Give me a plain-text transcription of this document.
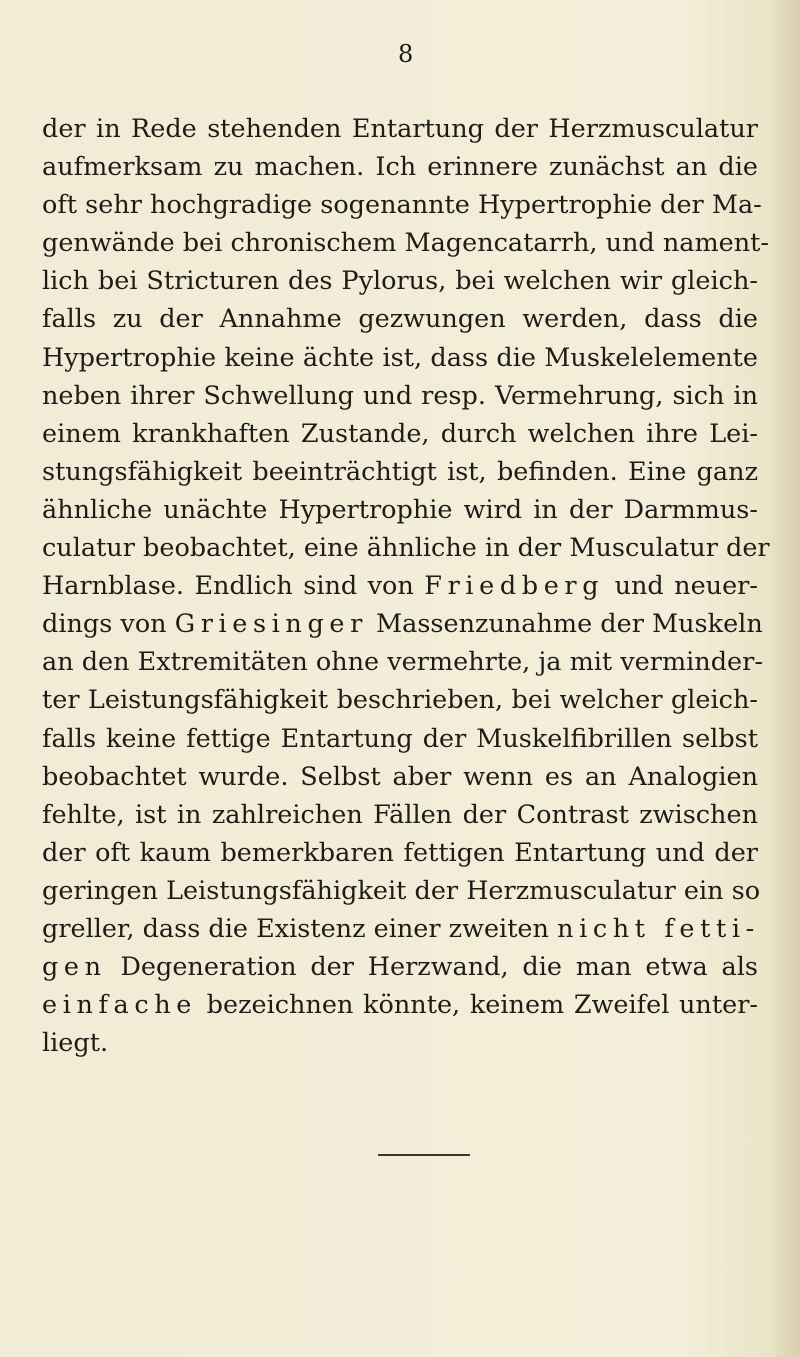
8
der in Rede stehenden Entartung der Herzmusculatur
aufmerksam zu machen. Ich erinnere zunächst an die
oft sehr hochgradige sogenannte Hypertrophie der Ma-
genwände bei chronischem Magencatarrh, und nament-
lich bei Stricturen des Pylorus, bei welchen wir gleich-
falls zu der Annahme gezwungen werden, dass die
Hypertrophie keine ächte ist, dass die Muskelelemente
neben ihrer Schwellung und resp. Vermehrung, sich in
einem krankhaften Zustande, durch welchen ihre Lei-
stungsfähigkeit beeinträchtigt ist, befinden. Eine ganz
ähnliche unächte Hypertrophie wird in der Darmmus-
culatur beobachtet, eine ähnliche in der Musculatur der
Harnblase. Endlich sind von Friedberg und neuer-
dings von Griesinger Massenzunahme der Muskeln
an den Extremitäten ohne vermehrte, ja mit verminder-
ter Leistungsfähigkeit beschrieben, bei welcher gleich-
falls keine fettige Entartung der Muskelfibrillen selbst
beobachtet wurde. Selbst aber wenn es an Analogien
fehlte, ist in zahlreichen Fällen der Contrast zwischen
der oft kaum bemerkbaren fettigen Entartung und der
geringen Leistungsfähigkeit der Herzmusculatur ein so
greller, dass die Existenz einer zweiten nicht fetti-
gen Degeneration der Herzwand, die man etwa als
einfache bezeichnen könnte, keinem Zweifel unter-
liegt.
